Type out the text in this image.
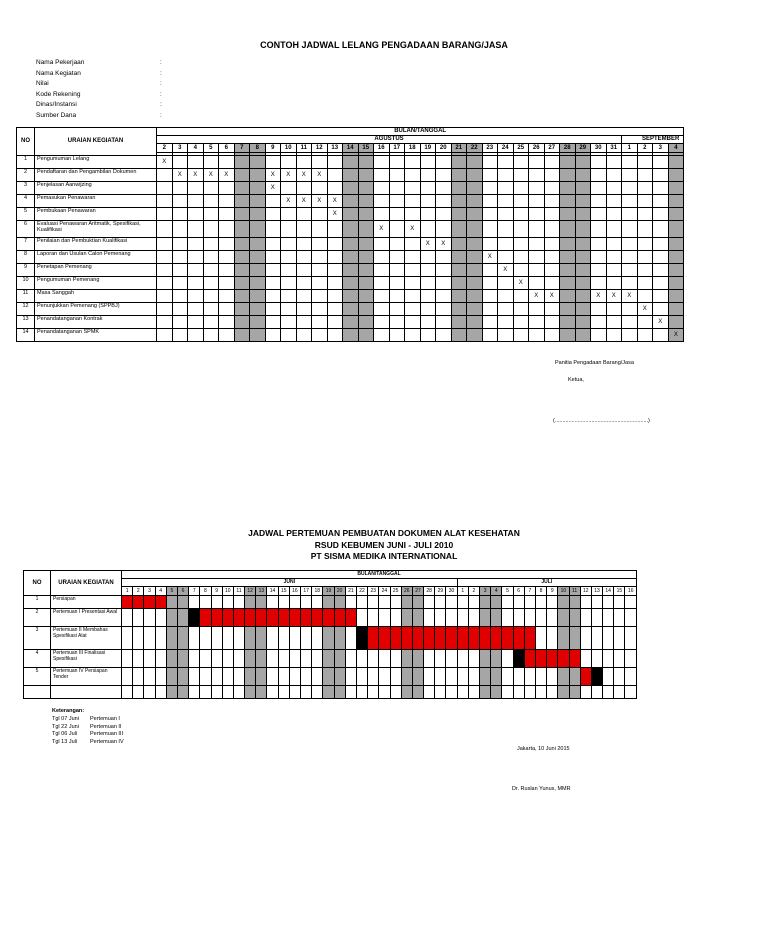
CONTOH JADWAL LELANG PENGADAAN BARANG/JASA
Nama Pekerjaan	:
Nama Kegiatan	:
Nilai	:
Kode Rekening	:
Dinas/Instansi	:
Sumber Dana	:
NO	URAIAN KEGIATAN	BULAN/TANGGAL																																	
		AGUSTUS																														SEPTEMBER			
		2	3	4	5	6	7	8	9	10	11	12	13	14	15	16	17	18	19	20	21	22	23	24	25	26	27	28	29	30	31	1	2	3	4

1	Pengumuman Lelang	X																																	
2	Pendaftaran dan Pengambilan Dokumen		X	X	X	X			X	X	X	X																							
3	Penjelasan Aanwijzing								X																										
4	Pemasukan Penawaran									X	X	X	X																						
5	Pembukaan Penawaran												X																						
6	Evaluasi Penawaran Aritmatik, Spesifikasi, Kualifikasi															X		X																	
7	Penilaian dan Pembuktian Kualifikasi																		X	X															
8	Laporan dan Usulan Calon Pemenang																						X												
9	Penetapan Pemenang																							X											
10	Pengumuman Pemenang																								X										
11	Masa Sanggah																									X	X			X	X	X			
12	Penunjukkan Pemenang (SPPBJ)																																X		
13	Penandatanganan Kontrak																																	X	
14	Penandatanganan SPMK																																		X
Panitia Pengadaan Barang/Jasa
Ketua,
(.............................................................)
JADWAL PERTEMUAN PEMBUATAN DOKUMEN ALAT KESEHATAN
RSUD KEBUMEN JUNI - JULI 2010
PT SISMA MEDIKA INTERNATIONAL
NO	URAIAN KEGIATAN	BULAN/TANGGAL																																													
		JUNI																														JULI															
		1	2	3	4	5	6	7	8	9	10	11	12	13	14	15	16	17	18	19	20	21	22	23	24	25	26	27	28	29	30	1	2	3	4	5	6	7	8	9	10	11	12	13	14	15	16
1	Persiapan																																														
2	Pertemuan I Presentasi Awal																																														
3	Pertemuan II Membahas Spesifikasi Alat																																														
4	Pertemuan III Finalisasi Spesifikasi																																														
5	Pertemuan IV Persiapan Tender																																														

Keterangan:
Tgl 07 Juni Pertemuan I
Tgl 22 Juni Pertemuan II
Tgl 06 Juli Pertemuan III
Tgl 13 Juli Pertemuan IV
Jakarta, 10 Juni 2015
Dr. Ruslan Yunus, MMR
